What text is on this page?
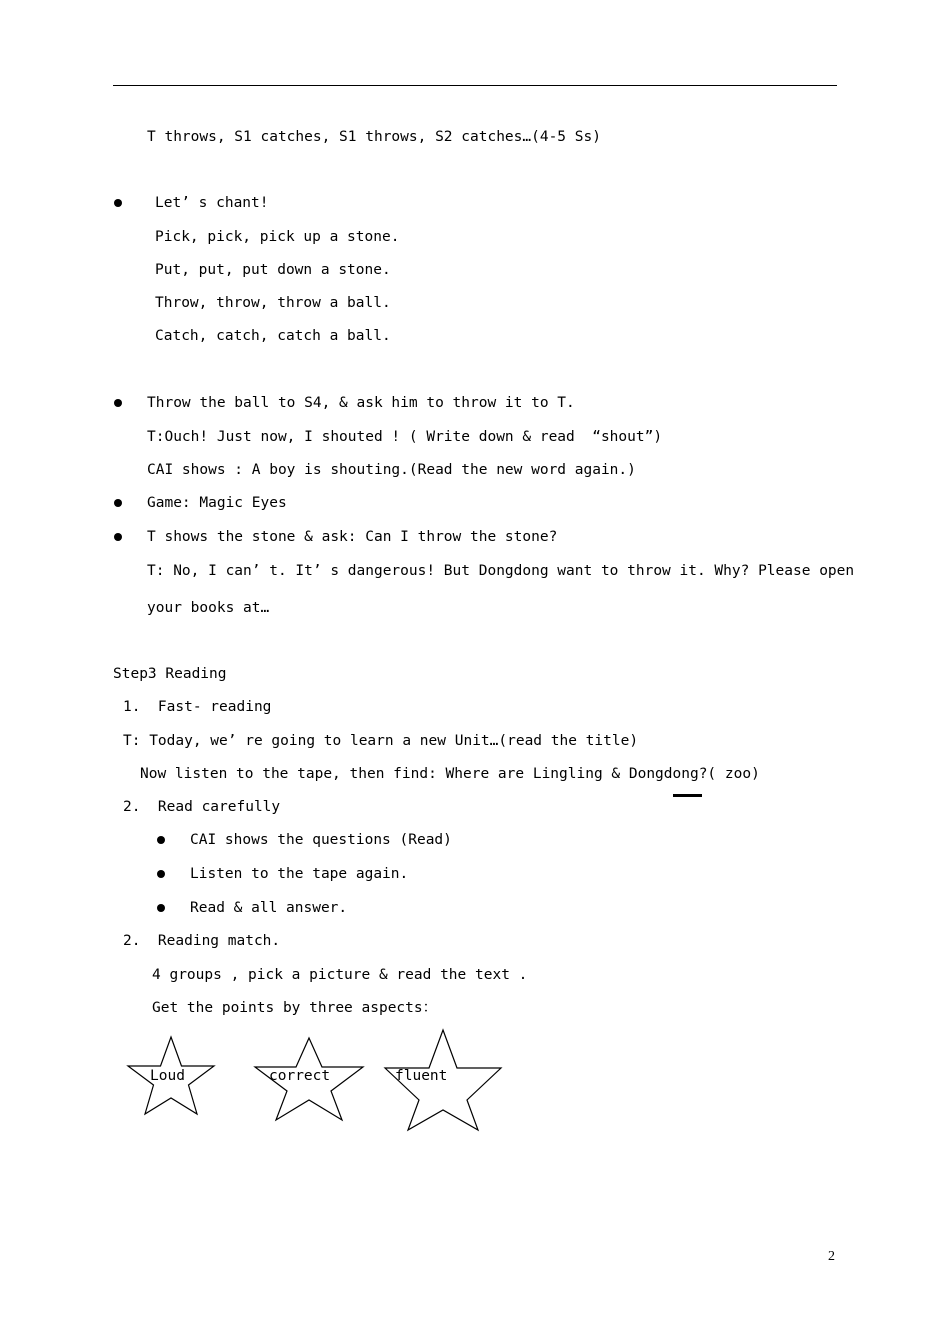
T throws, S1 catches, S1 throws, S2 catches…(4-5 Ss)
Let’ s chant!
Pick, pick, pick up a stone.
Put, put, put down a stone.
Throw, throw, throw a ball.
Catch, catch, catch a ball.
Throw the ball to S4, & ask him to throw it to T.
T:Ouch! Just now, I shouted ! ( Write down & read  “shout”)
CAI shows : A boy is shouting.(Read the new word again.)
Game: Magic Eyes
T shows the stone & ask: Can I throw the stone?
T: No, I can’ t. It’ s dangerous! But Dongdong want to throw it. Why? Please open
your books at…
Step3 Reading
1.  Fast- reading
T: Today, we’ re going to learn a new Unit…(read the title)
Now listen to the tape, then find: Where are Lingling & Dongdong?( zoo)
2.  Read carefully
CAI shows the questions (Read)
Listen to the tape again.
Read & all answer.
2.  Reading match.
4 groups , pick a picture & read the text .
Get the points by three aspects：
Loud	correct	fluent
2
